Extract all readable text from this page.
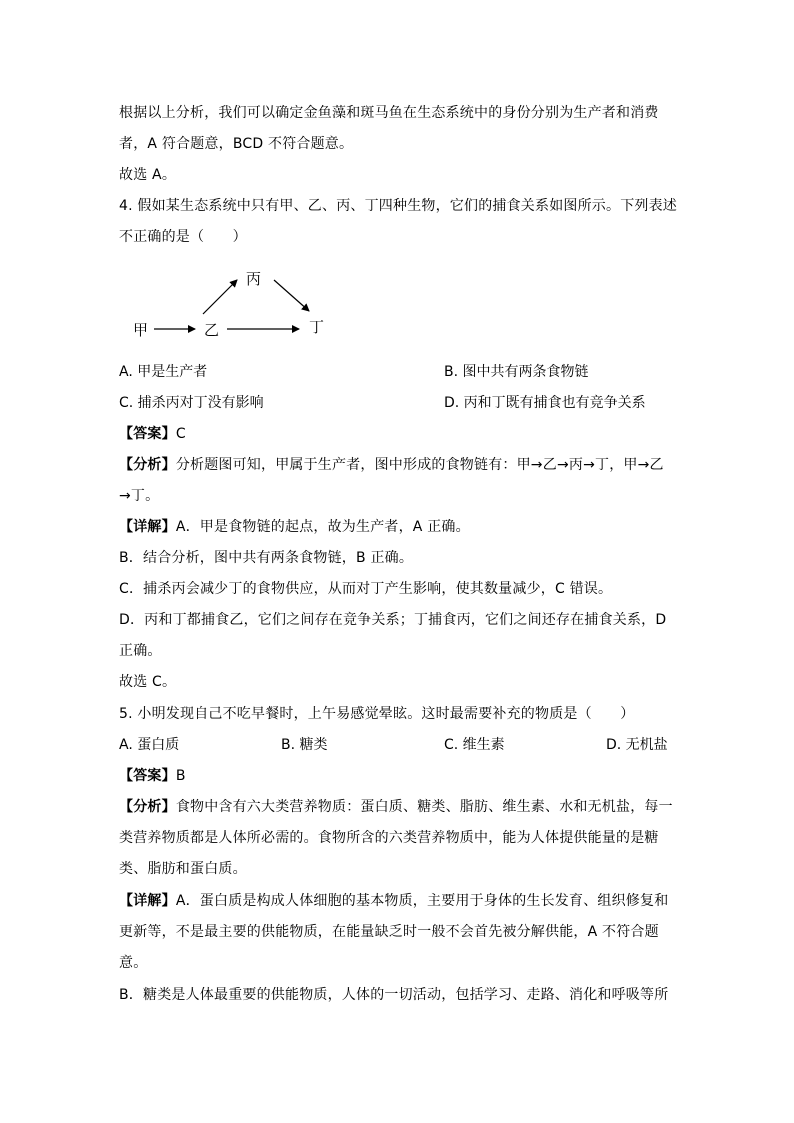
根据以上分析，我们可以确定金鱼藻和斑马鱼在生态系统中的身份分别为生产者和消费
者，A 符合题意，BCD 不符合题意。
故选 A。
4. 假如某生态系统中只有甲、乙、丙、丁四种生物，它们的捕食关系如图所示。下列表述
不正确的是（　　）
甲	乙
丙
丁
A. 甲是生产者	B. 图中共有两条食物链
C. 捕杀丙对丁没有影响	D. 丙和丁既有捕食也有竞争关系
【答案】C
【分析】分析题图可知，甲属于生产者，图中形成的食物链有：甲→乙→丙→丁，甲→乙
→丁。
【详解】A．甲是食物链的起点，故为生产者，A 正确。
B．结合分析，图中共有两条食物链，B 正确。
C．捕杀丙会减少丁的食物供应，从而对丁产生影响，使其数量减少，C 错误。
D．丙和丁都捕食乙，它们之间存在竞争关系；丁捕食丙，它们之间还存在捕食关系，D
正确。
故选 C。
5. 小明发现自己不吃早餐时，上午易感觉晕眩。这时最需要补充的物质是（　　）
A. 蛋白质	B. 糖类	C. 维生素	D. 无机盐
【答案】B
【分析】食物中含有六大类营养物质：蛋白质、糖类、脂肪、维生素、水和无机盐，每一
类营养物质都是人体所必需的。食物所含的六类营养物质中，能为人体提供能量的是糖
类、脂肪和蛋白质。
【详解】A．蛋白质是构成人体细胞的基本物质，主要用于身体的生长发育、组织修复和
更新等，不是最主要的供能物质，在能量缺乏时一般不会首先被分解供能，A 不符合题
意。
B．糖类是人体最重要的供能物质，人体的一切活动，包括学习、走路、消化和呼吸等所
